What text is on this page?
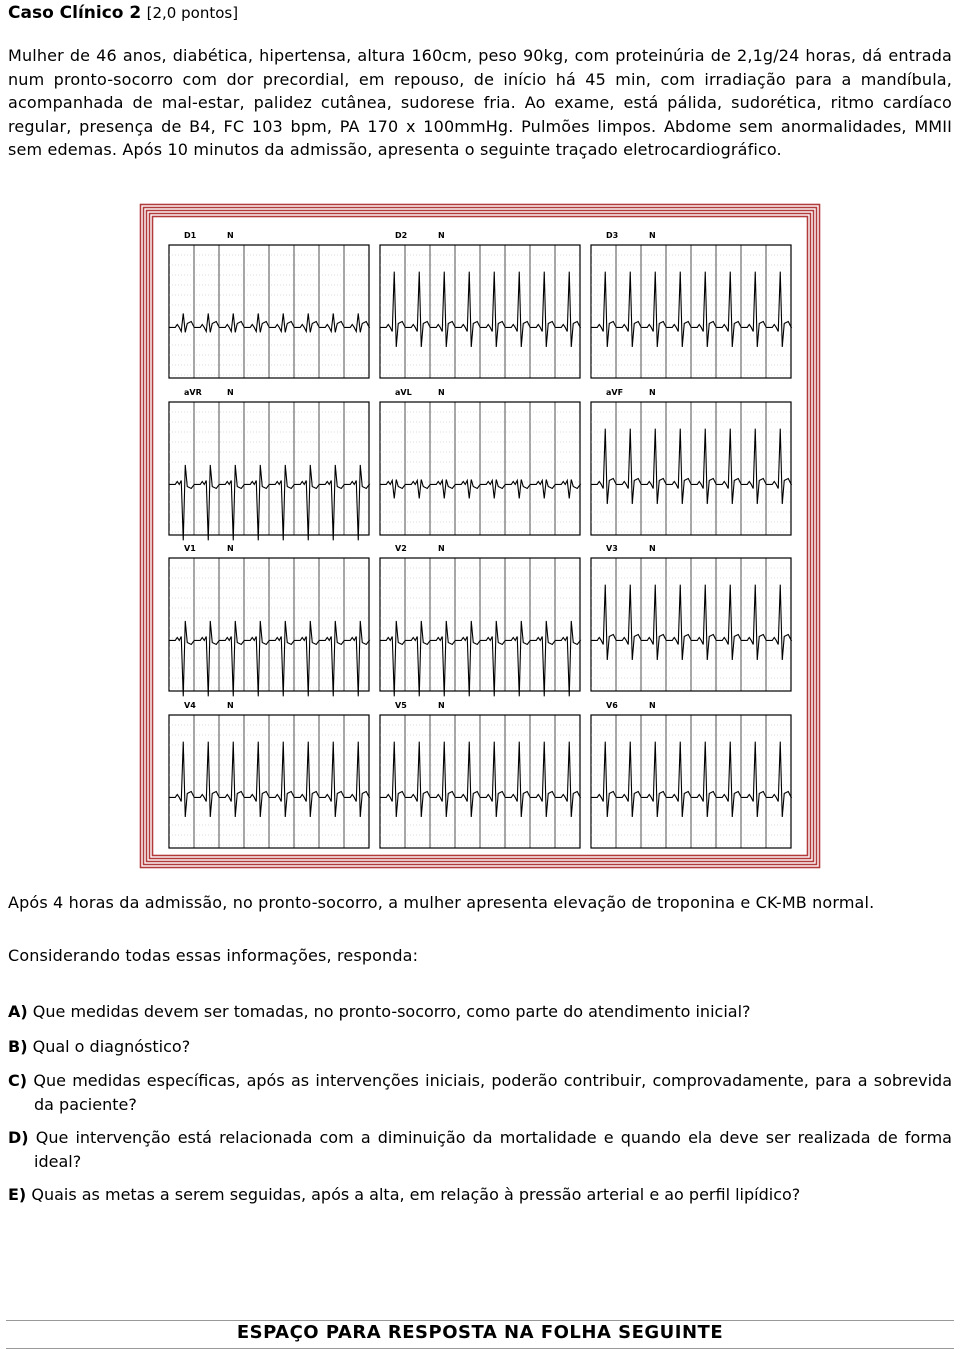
Caso Clínico 2 [2,0 pontos]
Mulher de 46 anos, diabética, hipertensa, altura 160cm, peso 90kg, com proteinúria de 2,1g/24 horas, dá entrada num pronto-socorro com dor precordial, em repouso, de início há 45 min, com irradiação para a mandíbula, acompanhada de mal-estar, palidez cutânea, sudorese fria. Ao exame, está pálida, sudorética, ritmo cardíaco regular, presença de B4, FC 103 bpm, PA 170 x 100mmHg. Pulmões limpos. Abdome sem anormalidades, MMII sem edemas. Após 10 minutos da admissão, apresenta o seguinte traçado eletrocardiográfico.
D1	N	D2	N	D3	N
aVR	N	aVL	N	aVF	N
V1	N	V2	N	V3	N
V4	N	V5	N	V6	N
Após 4 horas da admissão, no pronto-socorro, a mulher apresenta elevação de troponina e CK-MB normal.
Considerando todas essas informações, responda:
A) Que medidas devem ser tomadas, no pronto-socorro, como parte do atendimento inicial?
B) Qual o diagnóstico?
C) Que medidas específicas, após as intervenções iniciais, poderão contribuir, comprovadamente, para a sobrevida da paciente?
D) Que intervenção está relacionada com a diminuição da mortalidade e quando ela deve ser realizada de forma ideal?
E) Quais as metas a serem seguidas, após a alta, em relação à pressão arterial e ao perfil lipídico?
ESPAÇO PARA RESPOSTA NA FOLHA SEGUINTE
